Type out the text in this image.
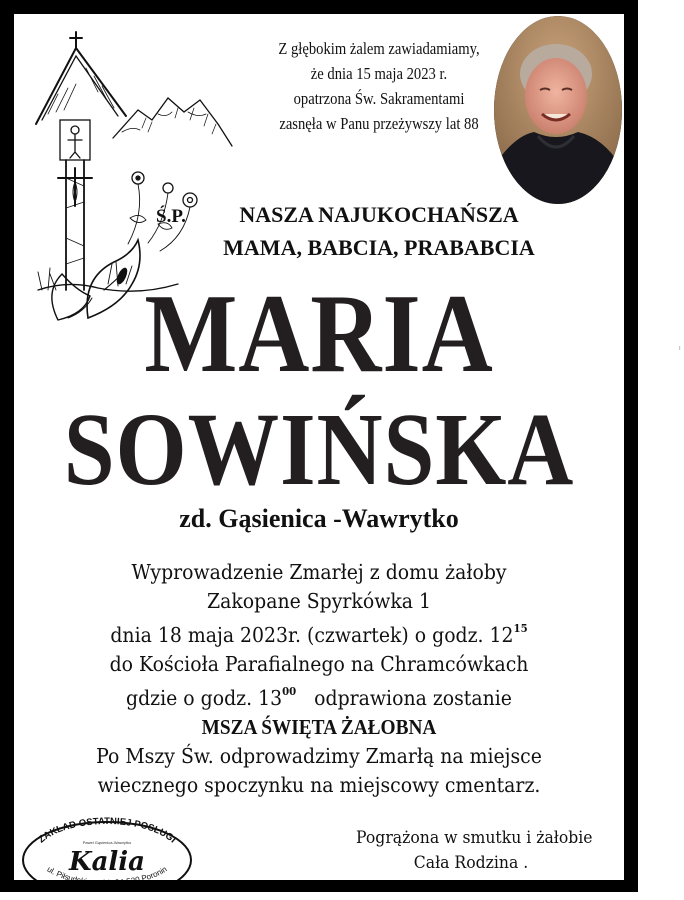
Z głębokim żalem zawiadamiamy,
że dnia 15 maja 2023 r.
opatrzona Św. Sakramentami
zasnęła w Panu przeżywszy lat 88
Ś.P.	NASZA NAJUKOCHAŃSZA
MAMA, BABCIA, PRABABCIA
MARIA
SOWIŃSKA
zd. Gąsienica -Wawrytko
Wyprowadzenie Zmarłej z domu żałoby
Zakopane Spyrkówka 1
dnia 18 maja 2023r. (czwartek) o godz. $12^{15}$
do Kościoła Parafialnego na Chramcówkach
gdzie o godz. $13^{00}$   odprawiona zostanie
MSZA ŚWIĘTA ŻAŁOBNA
Po Mszy Św. odprowadzimy Zmarłą na miejsce
wiecznego spoczynku na miejscowy cmentarz.
ZAKŁAD OSTATNIEJ POSŁUGI
Paweł Gąsienica-Wawrytko
Kalia
ul. Piłsudskiego 36, 34-520 Poronin
tel. +48 721 275 722
Pogrążona w smutku i żałobie
Cała Rodzina .
ι
